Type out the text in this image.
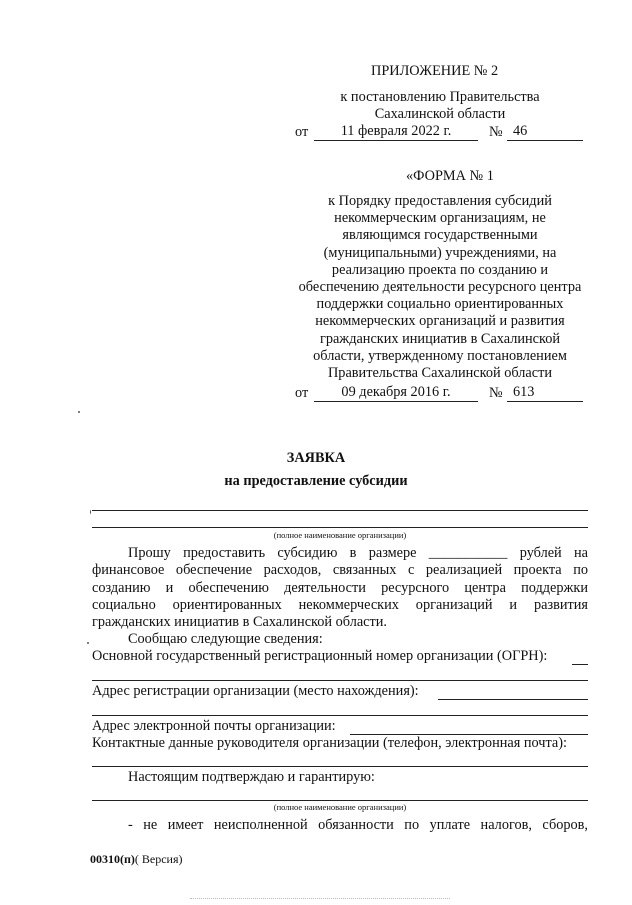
ПРИЛОЖЕНИЕ № 2
к постановлению Правительства
Сахалинской области
от	11 февраля 2022 г.	№ 46
«ФОРМА № 1
к Порядку предоставления субсидий
некоммерческим организациям, не
являющимся государственными
(муниципальными) учреждениями, на
реализацию проекта по созданию и
обеспечению деятельности ресурсного центра
поддержки социально ориентированных
некоммерческих организаций и развития
гражданских инициатив в Сахалинской
области, утвержденному постановлением
Правительства Сахалинской области
от	09 декабря 2016 г.	№ 613
ЗАЯВКА
на предоставление субсидии
(полное наименование организации)
Прошу предоставить субсидию в размере ___________ рублей на
финансовое обеспечение расходов, связанных с реализацией проекта по
созданию и обеспечению деятельности ресурсного центра поддержки
социально ориентированных некоммерческих организаций и развития
гражданских инициатив в Сахалинской области.
Сообщаю следующие сведения:
Основной государственный регистрационный номер организации (ОГРН):
Адрес регистрации организации (место нахождения):
Адрес электронной почты организации:
Контактные данные руководителя организации (телефон, электронная почта):
Настоящим подтверждаю и гарантирую:
(полное наименование организации)
- не имеет неисполненной обязанности по уплате налогов, сборов,
00310(п)( Версия)
